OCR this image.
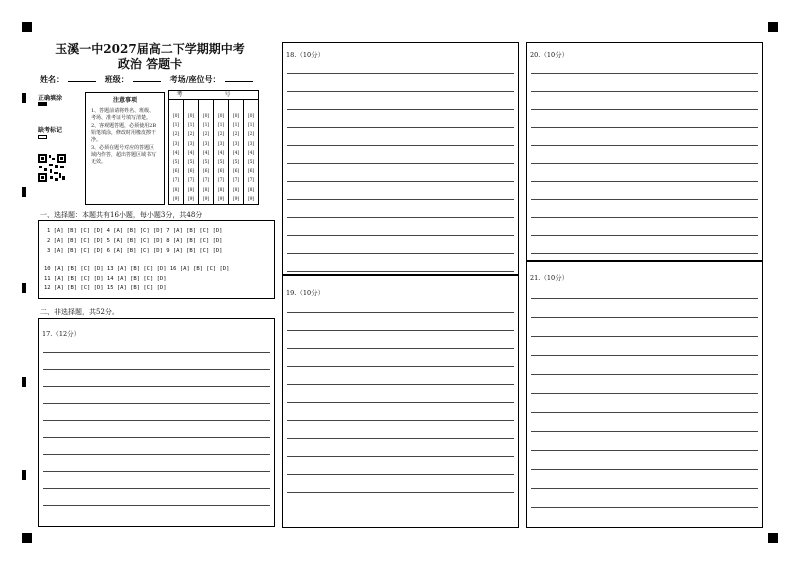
玉溪一中2027届高二下学期期中考
政治 答题卡
姓名：	班级：	考场/座位号：
正确填涂
缺考标记
注意事项

1、答题前请将姓名、班级、考场、准考证号填写清楚。

2、客观题答题，必须使用2B铅笔填涂，修改时用橡皮擦干净。

3、必须在题号对应的答题区域内作答，超出答题区域书写无效。

考 号
[0]
[1]
[2]
[3]
[4]
[5]
[6]
[7]
[8]
[9]
[0]
[1]
[2]
[3]
[4]
[5]
[6]
[7]
[8]
[9]
[0]
[1]
[2]
[3]
[4]
[5]
[6]
[7]
[8]
[9]
[0]
[1]
[2]
[3]
[4]
[5]
[6]
[7]
[8]
[9]
[0]
[1]
[2]
[3]
[4]
[5]
[6]
[7]
[8]
[9]
[0]
[1]
[2]
[3]
[4]
[5]
[6]
[7]
[8]
[9]
一、选择题：本题共有16小题，每小题3分，共48分
1 [A] [B] [C] [D] 4 [A] [B] [C] [D] 7 [A] [B] [C] [D]
2 [A] [B] [C] [D] 5 [A] [B] [C] [D] 8 [A] [B] [C] [D]
3 [A] [B] [C] [D] 6 [A] [B] [C] [D] 9 [A] [B] [C] [D]
10 [A] [B] [C] [D] 13 [A] [B] [C] [D] 16 [A] [B] [C] [D]
11 [A] [B] [C] [D] 14 [A] [B] [C] [D]
12 [A] [B] [C] [D] 15 [A] [B] [C] [D]
二、非选择题，共52分。
17.（12分）
18.（10分）
19.（10分）
20.（10分）
21.（10分）
